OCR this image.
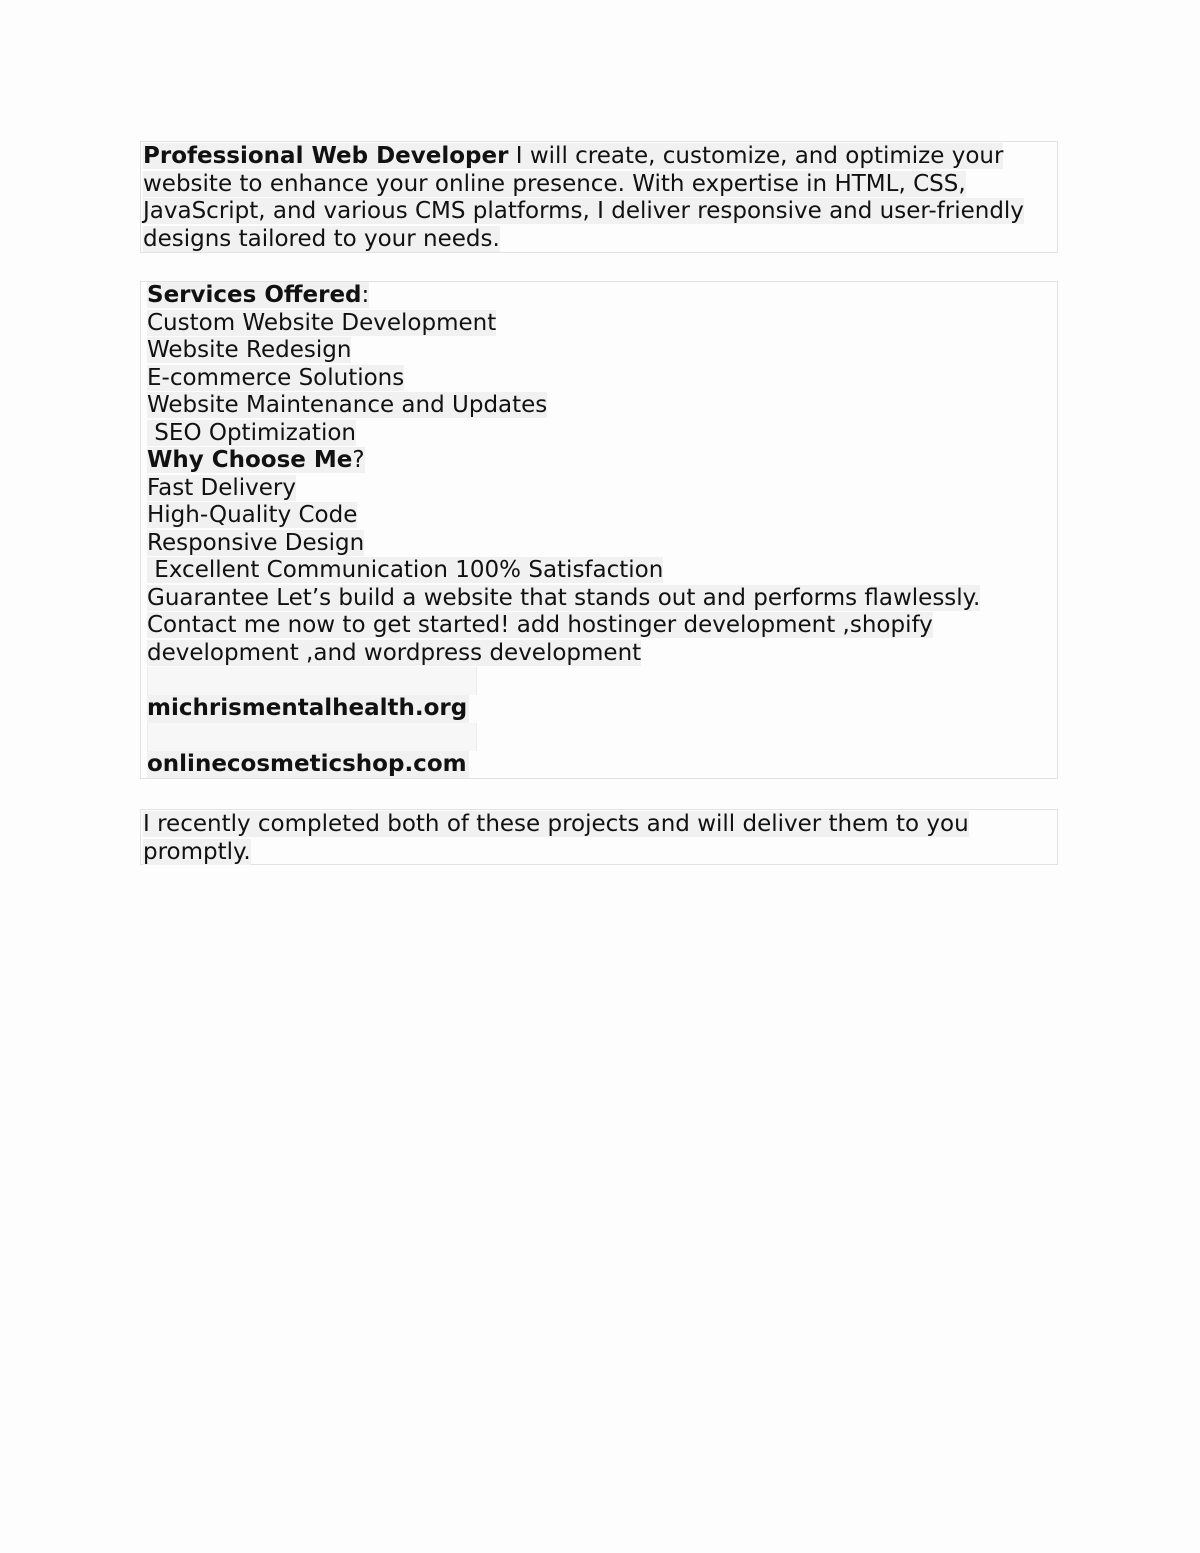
Professional Web Developer I will create, customize, and optimize your website to enhance your online presence. With expertise in HTML, CSS, JavaScript, and various CMS platforms, I deliver responsive and user-friendly designs tailored to your needs.
Services Offered:
Custom Website Development
Website Redesign
E-commerce Solutions
Website Maintenance and Updates
SEO Optimization
Why Choose Me?
Fast Delivery
High-Quality Code
Responsive Design
Excellent Communication 100% Satisfaction
Guarantee Let’s build a website that stands out and performs flawlessly.
Contact me now to get started! add hostinger development ,shopify
development ,and wordpress development
michrismentalhealth.org
onlinecosmeticshop.com
I recently completed both of these projects and will deliver them to you
promptly.
